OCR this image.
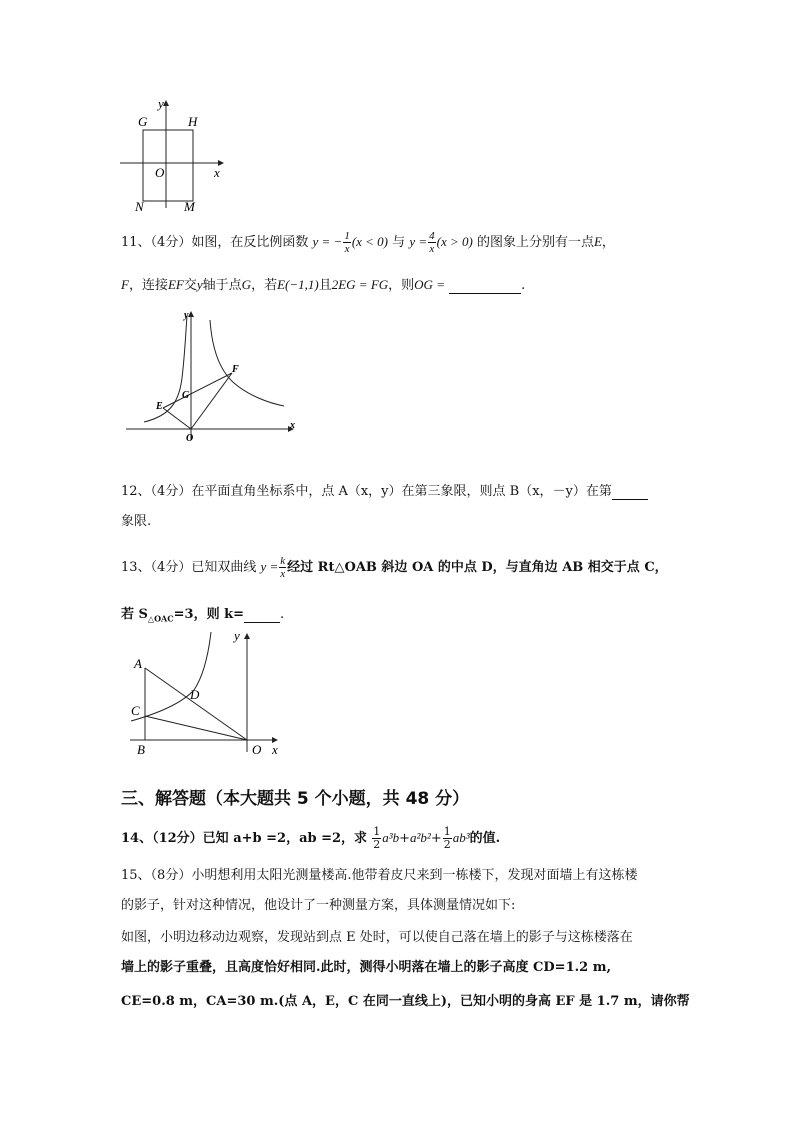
y
G	H
O	x
N	M
11、（4分）如图，在反比例函数 y = − $\frac{1}{x} (x < 0)$ 与 $y = \frac{4}{x} (x > 0)$ 的图象上分别有一点E，
F，连接EF交y轴于点G，若E(−1,1)且2EG = FG，则OG =	.
y
F
G
E
O
x
12、（4分）在平面直角坐标系中，点 A（x，y）在第三象限，则点 B（x，－y）在第
象限.
13、（4分）已知双曲线 $y = \frac{k}{x}$ 经过 Rt△OAB 斜边 OA 的中点 D，与直角边 AB 相交于点 C，
若 $S_{\triangle OAC}=3$，则 k=	.
y
A
D
C
B	O x
三、解答题（本大题共 5 个小题，共 48 分）
14、（12分）已知 a+b =2，ab =2，求 $\frac{1}{2} a^3b+a^2b^2+ \frac{1}{2} ab^3$的值.
15、（8分）小明想利用太阳光测量楼高.他带着皮尺来到一栋楼下，发现对面墙上有这栋楼
的影子，针对这种情况，他设计了一种测量方案，具体测量情况如下:
如图，小明边移动边观察，发现站到点 E 处时，可以使自己落在墙上的影子与这栋楼落在
墙上的影子重叠，且高度恰好相同.此时，测得小明落在墙上的影子高度 CD=1.2 m,
CE=0.8 m，CA=30 m.(点 A，E，C 在同一直线上)，已知小明的身高 EF 是 1.7 m，请你帮
